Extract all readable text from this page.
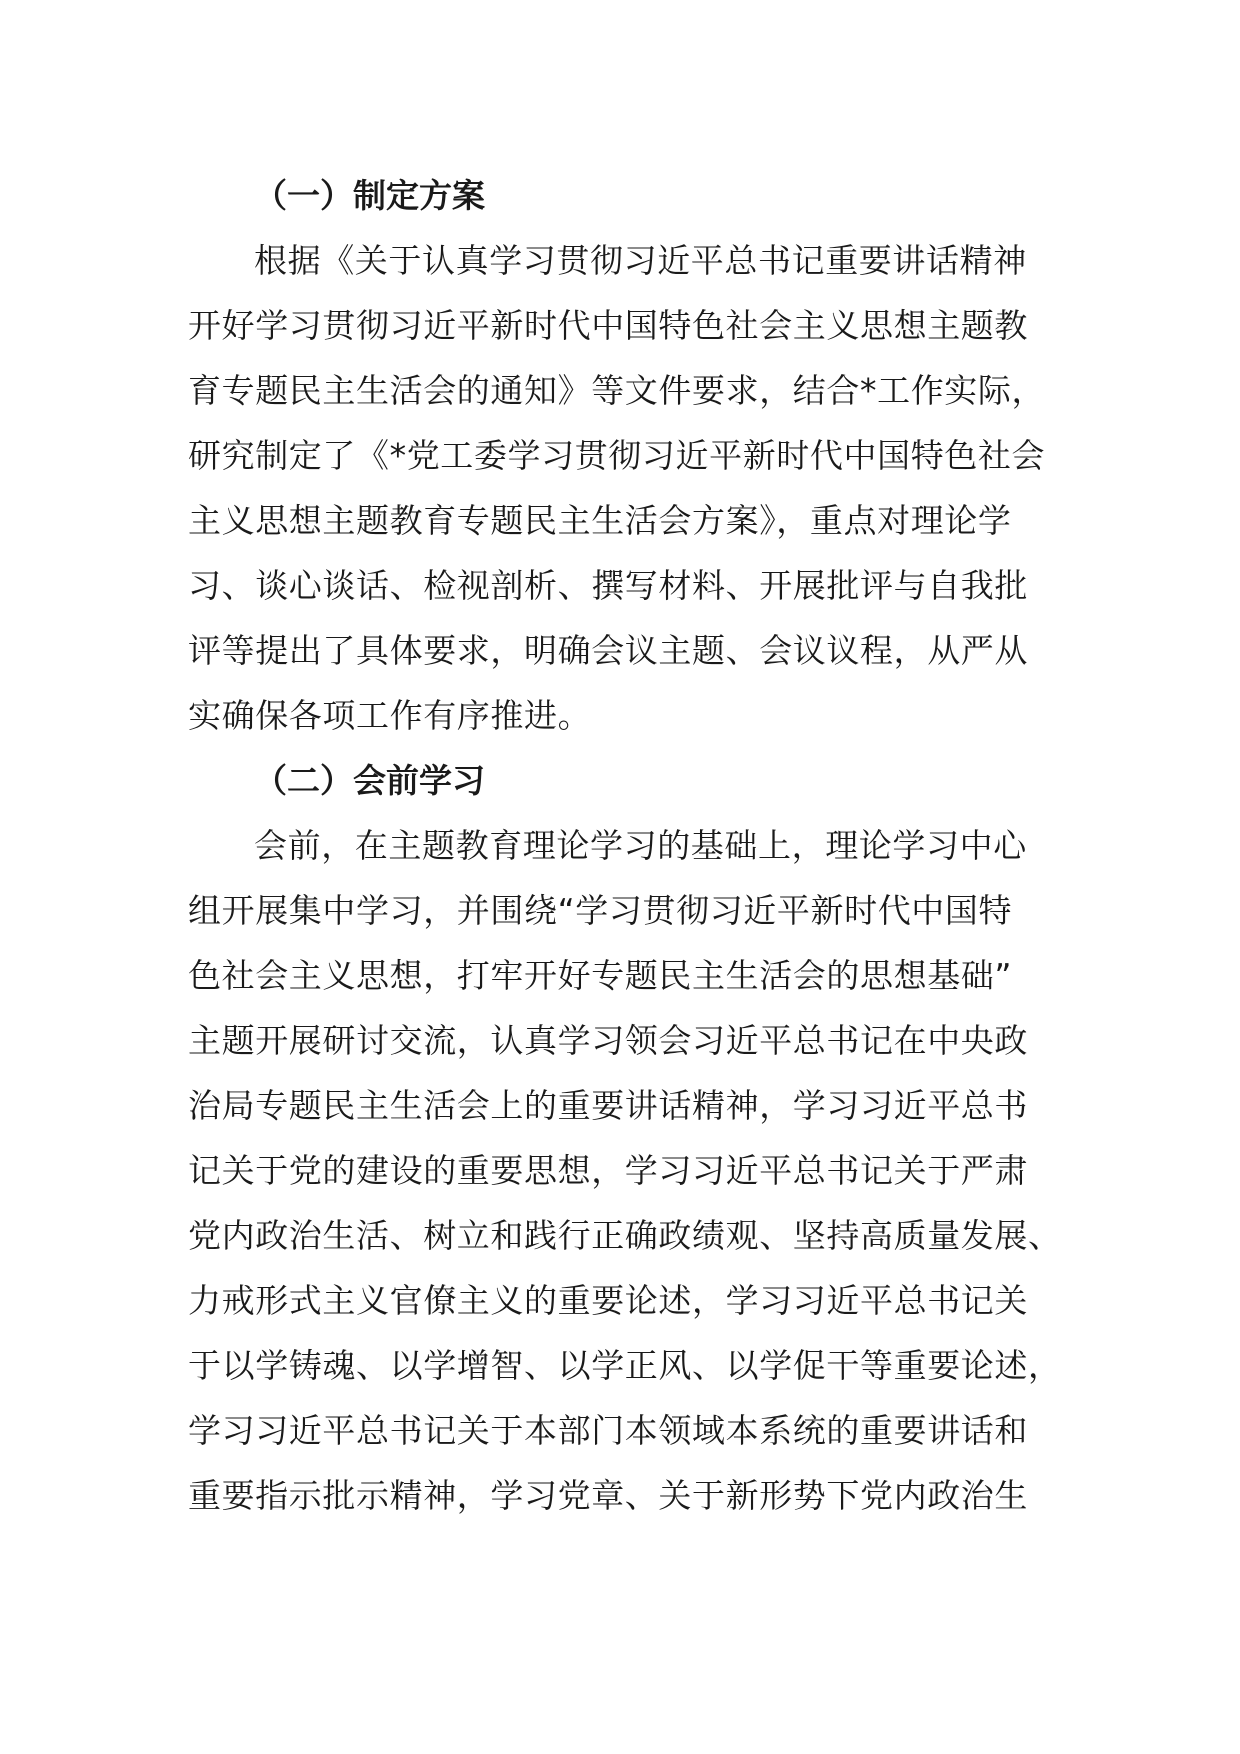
（一）制定方案
根据《关于认真学习贯彻习近平总书记重要讲话精神
开好学习贯彻习近平新时代中国特色社会主义思想主题教
育专题民主生活会的通知》等文件要求，结合*工作实际，
研究制定了《*党工委学习贯彻习近平新时代中国特色社会
主义思想主题教育专题民主生活会方案》，重点对理论学
习、谈心谈话、检视剖析、撰写材料、开展批评与自我批
评等提出了具体要求，明确会议主题、会议议程，从严从
实确保各项工作有序推进。
（二）会前学习
会前，在主题教育理论学习的基础上，理论学习中心
组开展集中学习，并围绕“学习贯彻习近平新时代中国特
色社会主义思想，打牢开好专题民主生活会的思想基础”
主题开展研讨交流，认真学习领会习近平总书记在中央政
治局专题民主生活会上的重要讲话精神，学习习近平总书
记关于党的建设的重要思想，学习习近平总书记关于严肃
党内政治生活、树立和践行正确政绩观、坚持高质量发展、
力戒形式主义官僚主义的重要论述，学习习近平总书记关
于以学铸魂、以学增智、以学正风、以学促干等重要论述，
学习习近平总书记关于本部门本领域本系统的重要讲话和
重要指示批示精神，学习党章、关于新形势下党内政治生
